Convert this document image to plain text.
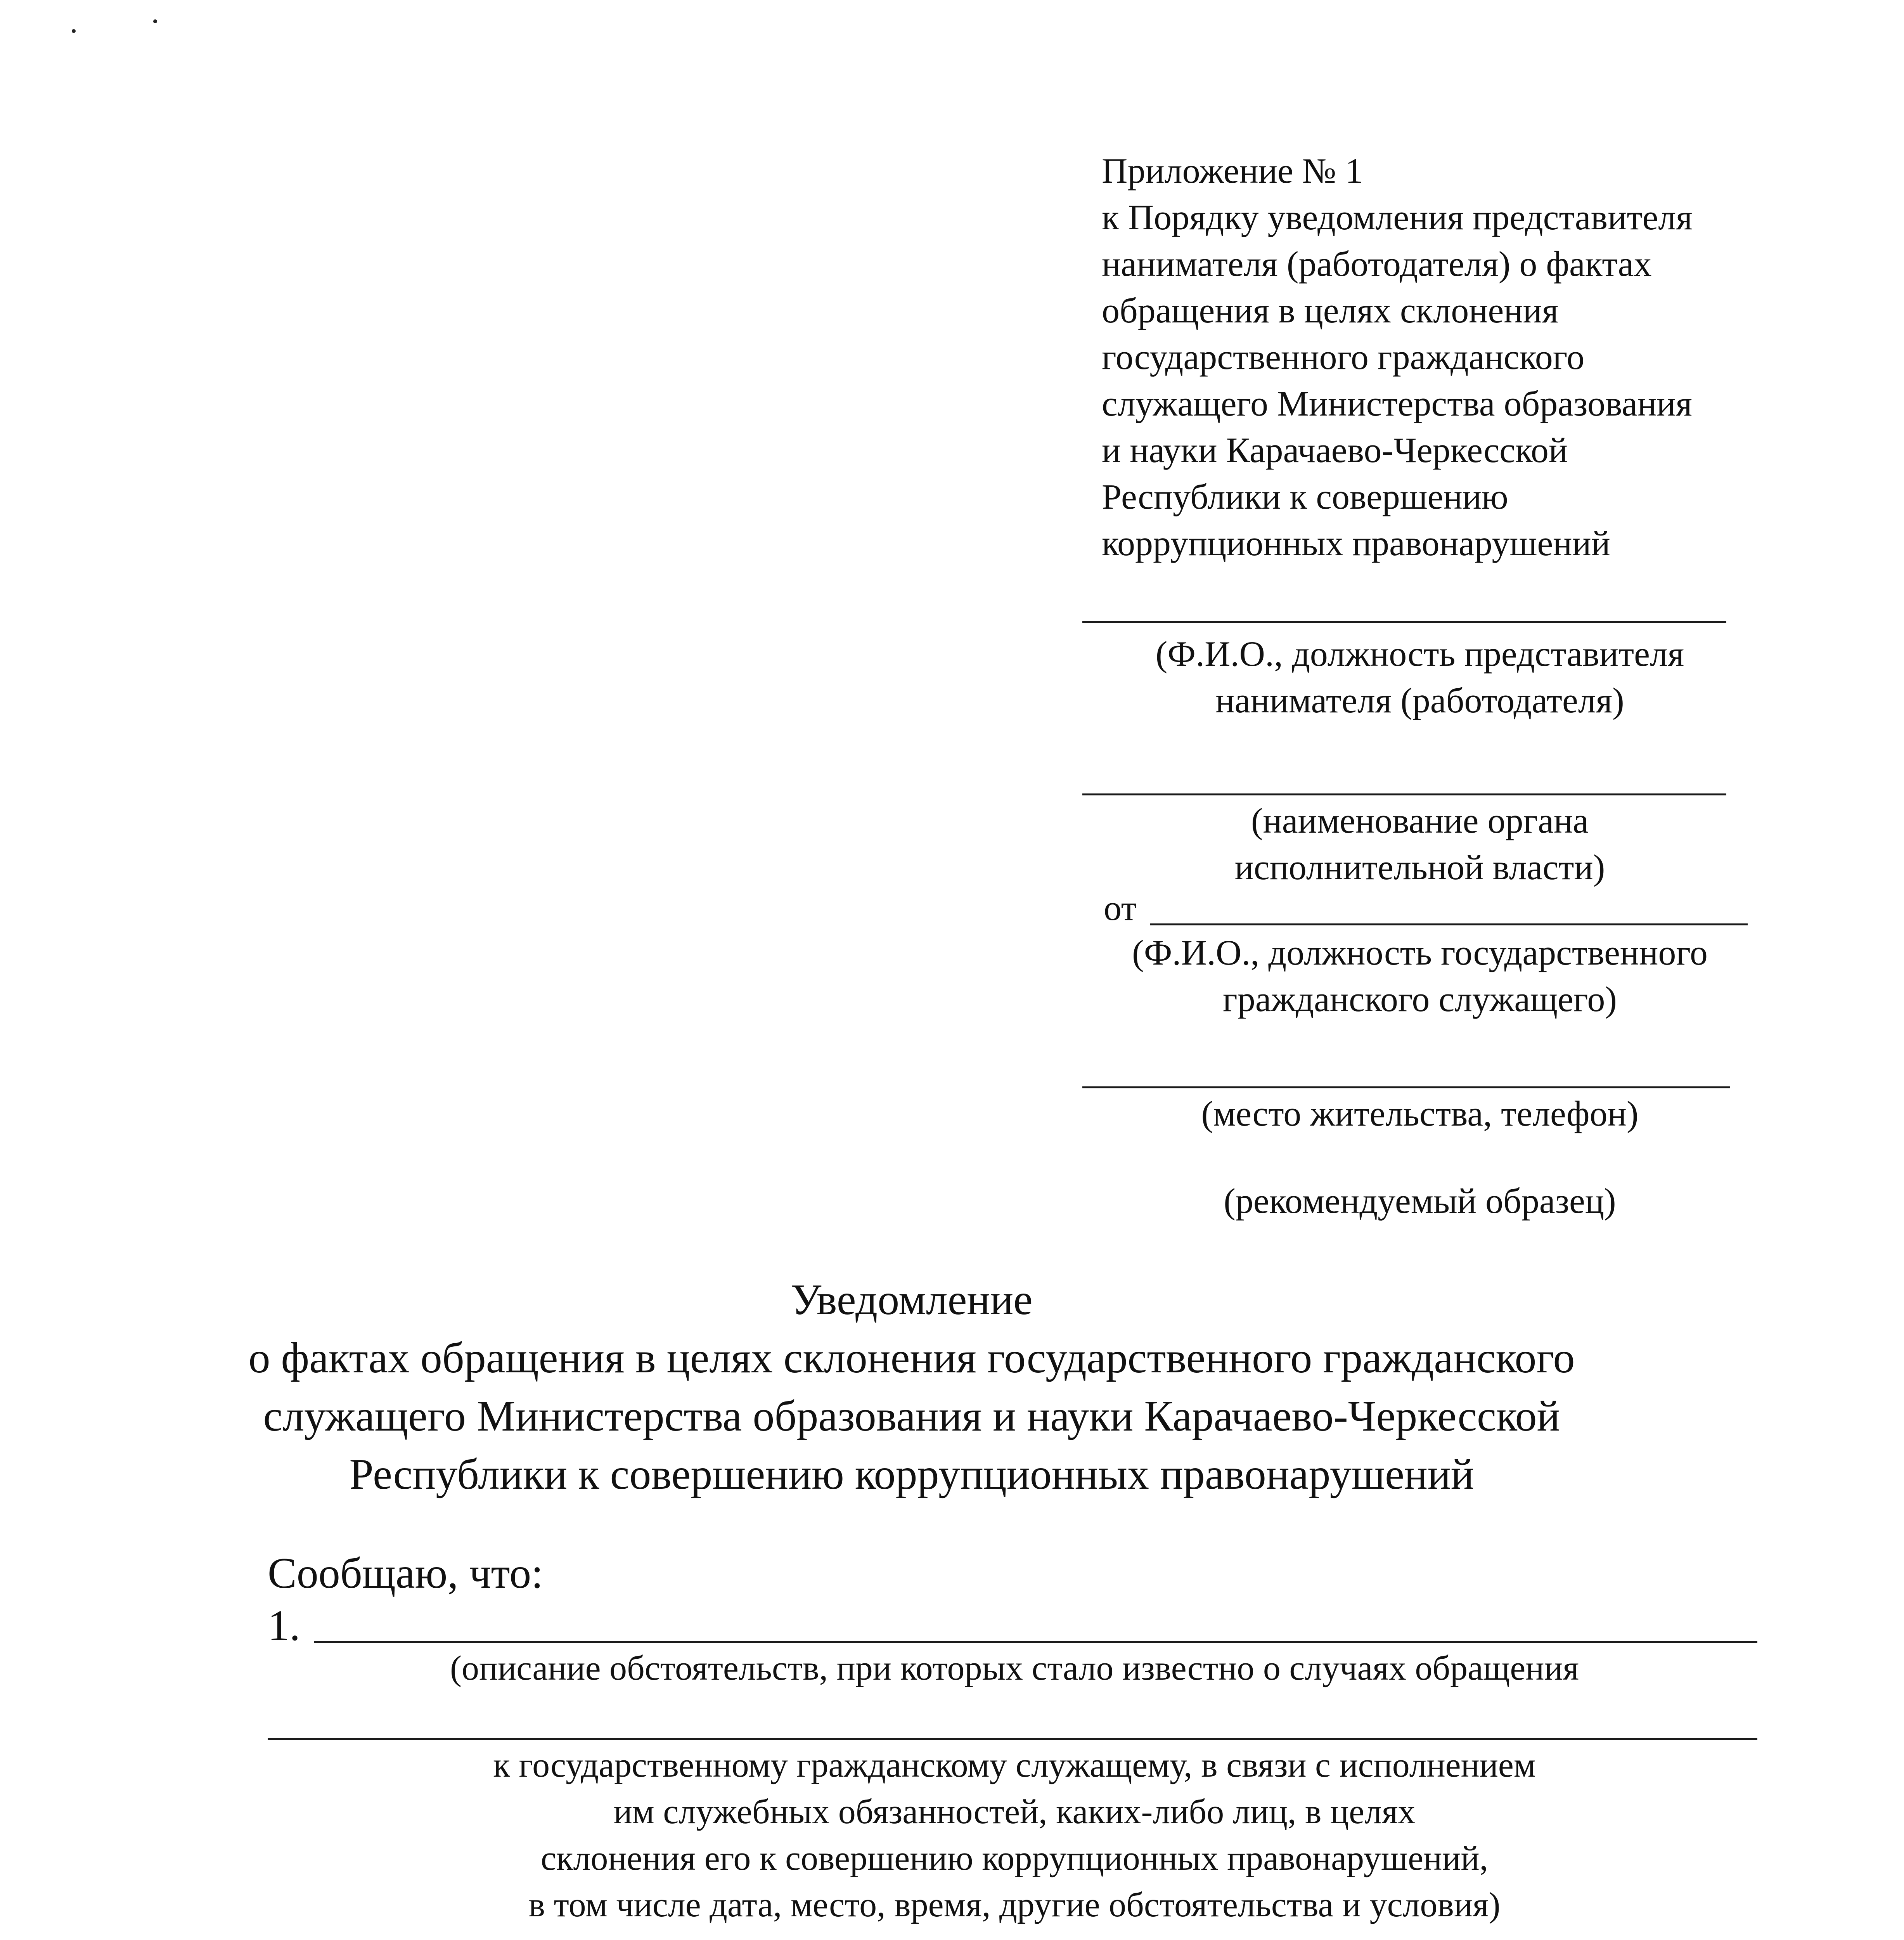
Приложение № 1
к Порядку уведомления представителя
нанимателя (работодателя) о фактах
обращения в целях склонения
государственного гражданского
служащего Министерства образования
и науки Карачаево-Черкесской
Республики к совершению
коррупционных правонарушений
(Ф.И.О., должность представителя
нанимателя (работодателя)
(наименование органа
исполнительной власти)
от
(Ф.И.О., должность государственного
гражданского служащего)
(место жительства, телефон)
(рекомендуемый образец)
Уведомление
о фактах обращения в целях склонения государственного гражданского
служащего Министерства образования и науки Карачаево-Черкесской
Республики к совершению коррупционных правонарушений
Сообщаю, что:
1.
(описание обстоятельств, при которых стало известно о случаях обращения
к государственному гражданскому служащему, в связи с исполнением
им служебных обязанностей, каких-либо лиц, в целях
склонения его к совершению коррупционных правонарушений,
в том числе дата, место, время, другие обстоятельства и условия)
